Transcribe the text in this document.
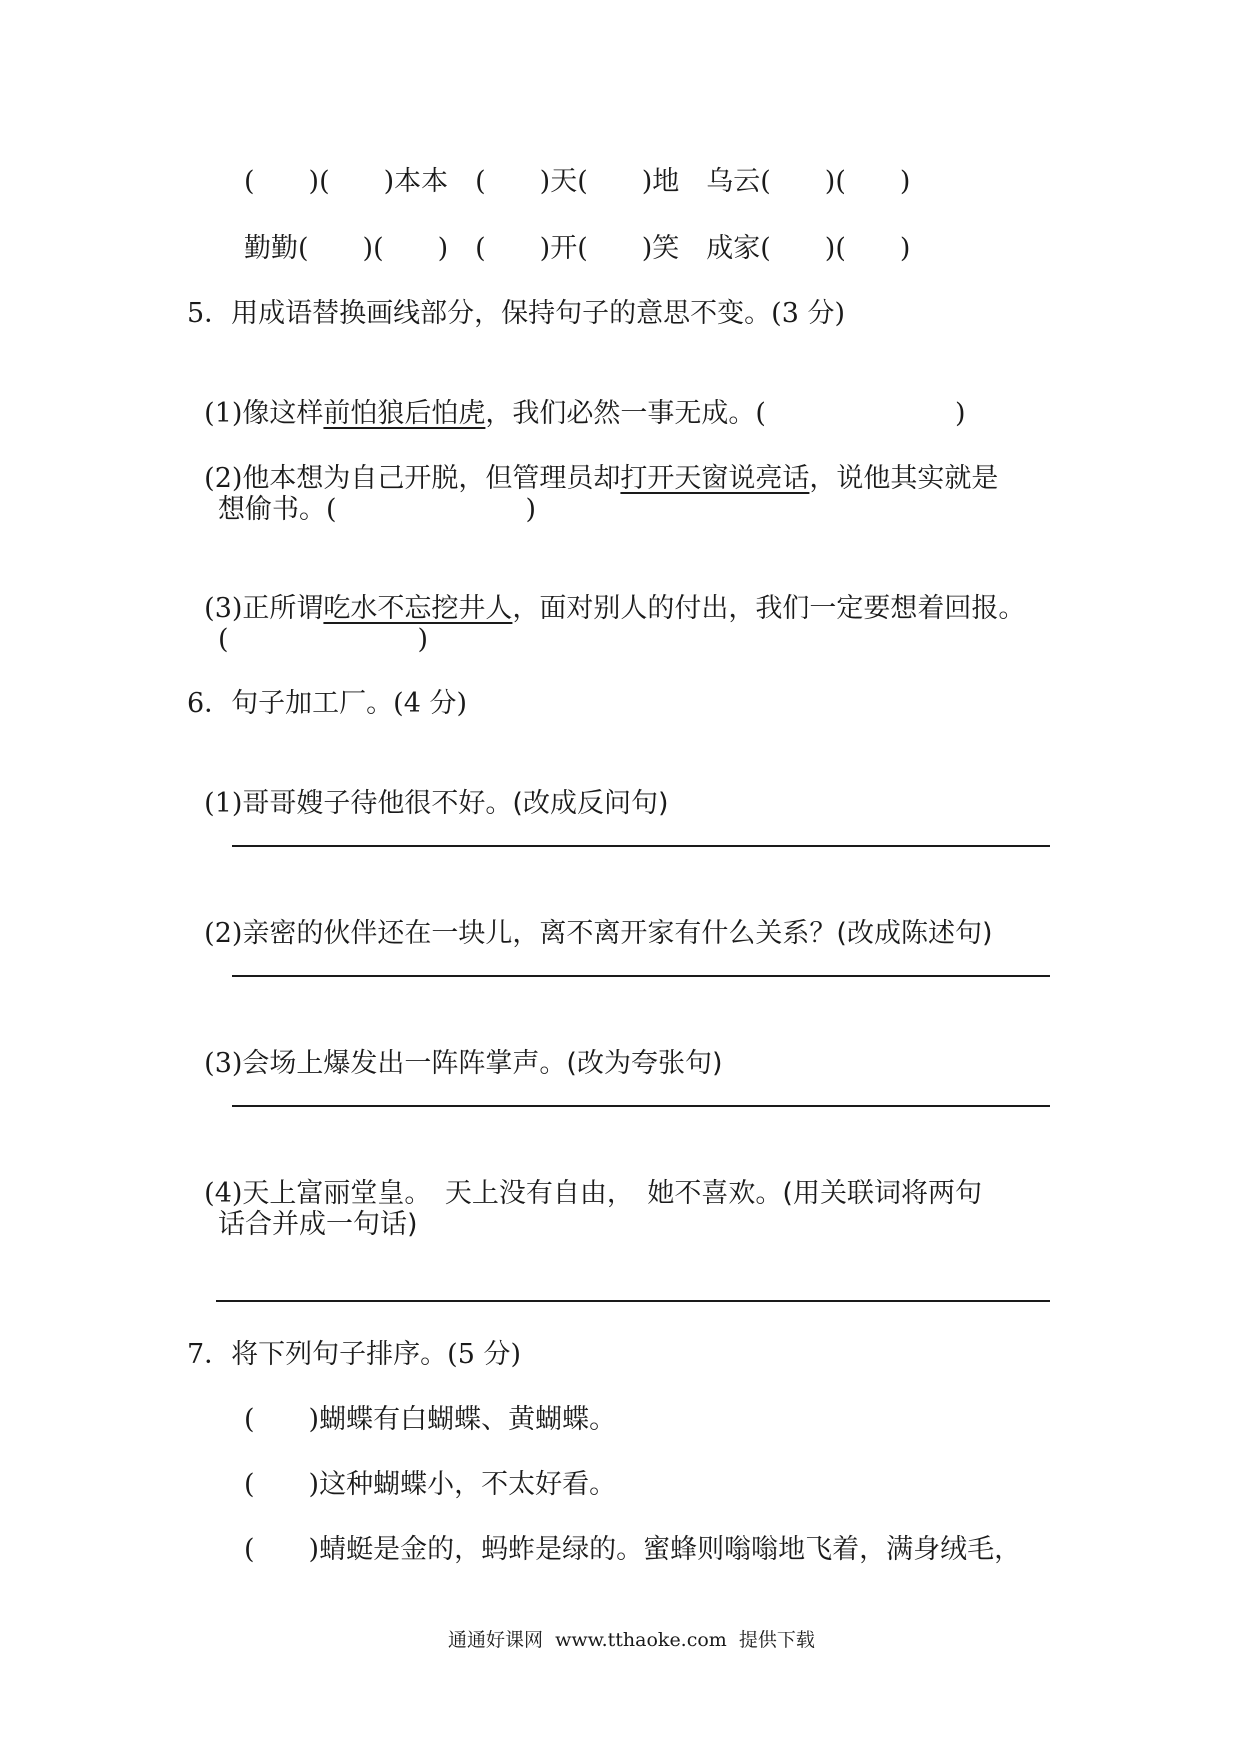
(　　)(　　)本本　(　　)天(　　)地　乌云(　　)(　　)
勤勤(　　)(　　)　(　　)开(　　)笑　成家(　　)(　　)
5．用成语替换画线部分，保持句子的意思不变。(3 分)

(1)像这样前怕狼后怕虎，我们必然一事无成。(　　　　　　　)

(2)他本想为自己开脱，但管理员却打开天窗说亮话，说他其实就是

想偷书。(　　　　　　　)

(3)正所谓吃水不忘挖井人，面对别人的付出，我们一定要想着回报。

(　　　　　　　)
6．句子加工厂。(4 分)

(1)哥哥嫂子待他很不好。(改成反问句)

(2)亲密的伙伴还在一块儿，离不离开家有什么关系？(改成陈述句)

(3)会场上爆发出一阵阵掌声。(改为夸张句)

(4)天上富丽堂皇。　天上没有自由，　她不喜欢。(用关联词将两句

话合并成一句话)
7．将下列句子排序。(5 分)
(　　)蝴蝶有白蝴蝶、黄蝴蝶。
(　　)这种蝴蝶小，不太好看。
(　　)蜻蜓是金的，蚂蚱是绿的。蜜蜂则嗡嗡地飞着，满身绒毛，
通通好课网  www.tthaoke.com  提供下载
